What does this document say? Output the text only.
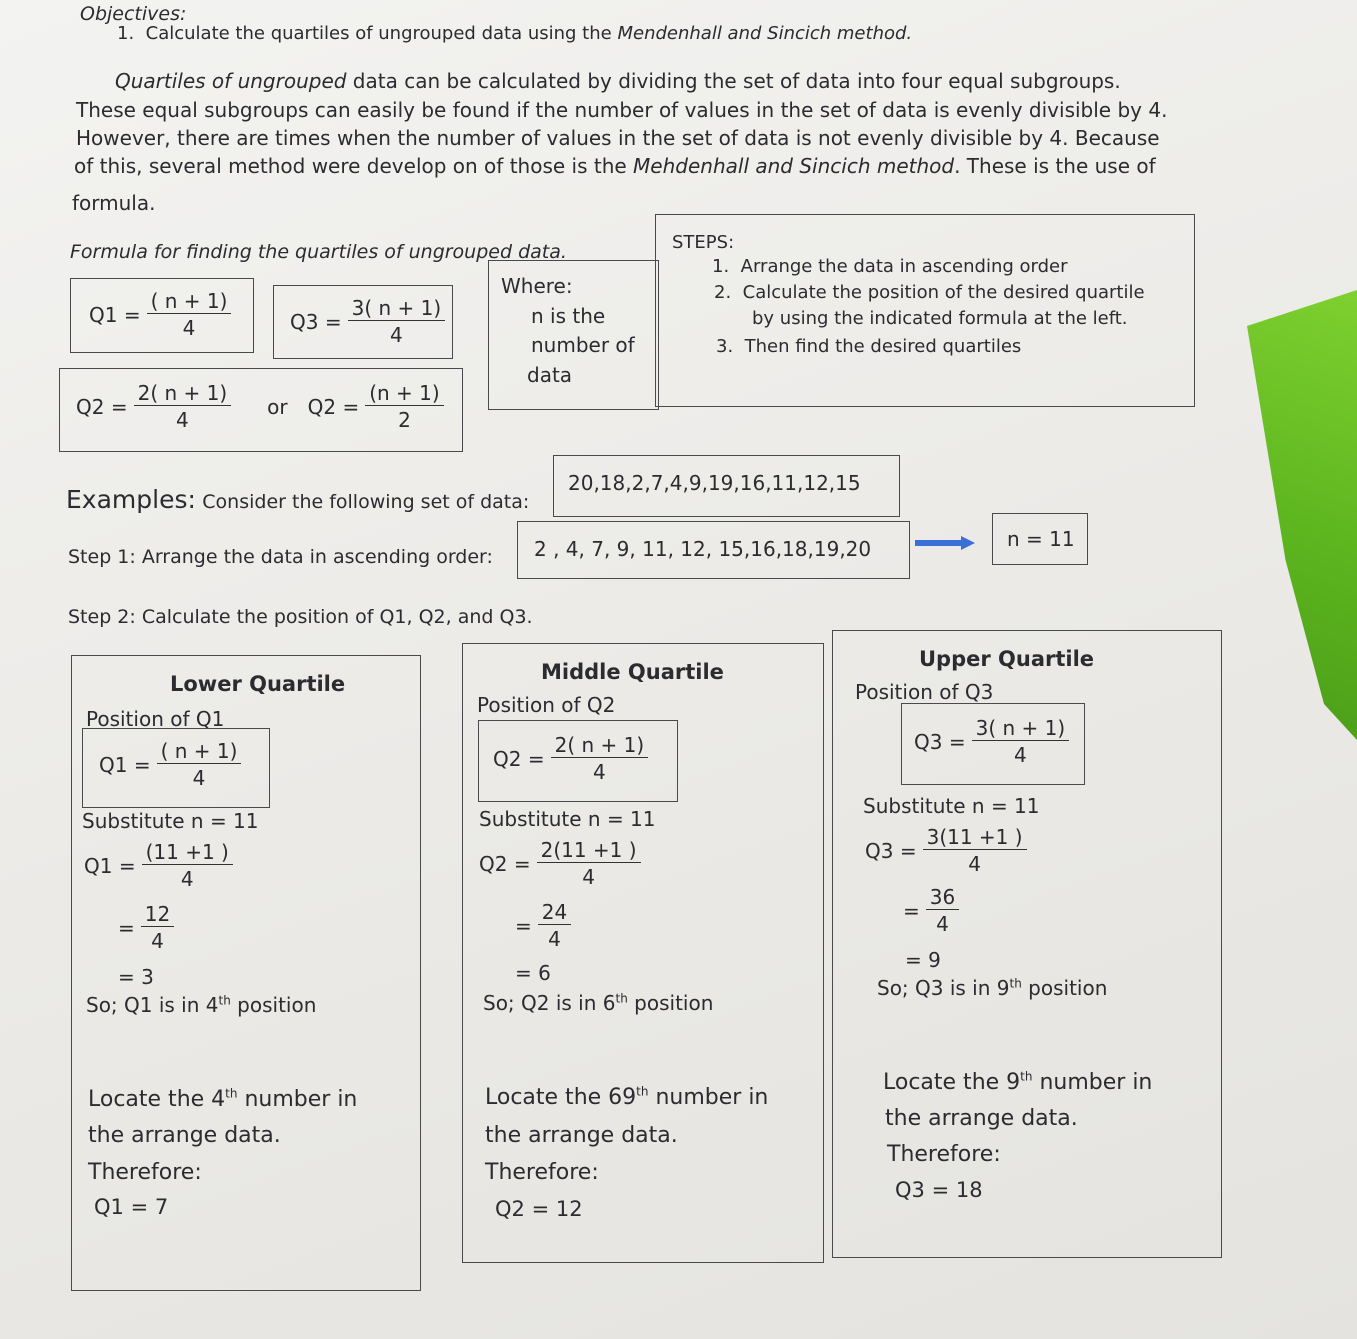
Objectives:
1. Calculate the quartiles of ungrouped data using the Mendenhall and Sincich method.
Quartiles of ungrouped data can be calculated by dividing the set of data into four equal subgroups.
These equal subgroups can easily be found if the number of values in the set of data is evenly divisible by 4.
However, there are times when the number of values in the set of data is not evenly divisible by 4. Because
of this, several method were develop on of those is the Mehdenhall and Sincich method. These is the use of
formula.
Formula for finding the quartiles of ungrouped data.
$Q1 = \frac{( n + 1)}{4}$	$Q3 = \frac{3( n + 1)}{4}$
$Q2 = \frac{2( n + 1)}{4}$ or $Q2 = \frac{(n + 1)}{2}$
Where:
n is the
number of
data
STEPS:
1. Arrange the data in ascending order
2. Calculate the position of the desired quartile
by using the indicated formula at the left.
3. Then find the desired quartiles
Examples: Consider the following set of data:
20,18,2,7,4,9,19,16,11,12,15
Step 1: Arrange the data in ascending order: 2 , 4, 7, 9, 11, 12, 15,16,18,19,20	n = 11
Step 2: Calculate the position of Q1, Q2, and Q3.
Lower Quartile
Position of Q1
$Q1 = \frac{( n + 1)}{4}$
Substitute n = 11
$Q1 = \frac{(11 +1 )}{4}$
= $\frac{12}{4}$
= 3
So; Q1 is in 4th position
Locate the 4th number in
the arrange data.
Therefore:
Q1 = 7
Middle Quartile
Position of Q2
$Q2 = \frac{2( n + 1)}{4}$
Substitute n = 11
$Q2 = \frac{2(11 +1 )}{4}$
= $\frac{24}{4}$
= 6
So; Q2 is in 6th position
Locate the 69th number in
the arrange data.
Therefore:
Q2 = 12
Upper Quartile
Position of Q3
$Q3 = \frac{3( n + 1)}{4}$
Substitute n = 11
$Q3 = \frac{3(11 +1 )}{4}$
= $\frac{36}{4}$
= 9
So; Q3 is in 9th position
Locate the 9th number in
the arrange data.
Therefore:
Q3 = 18
